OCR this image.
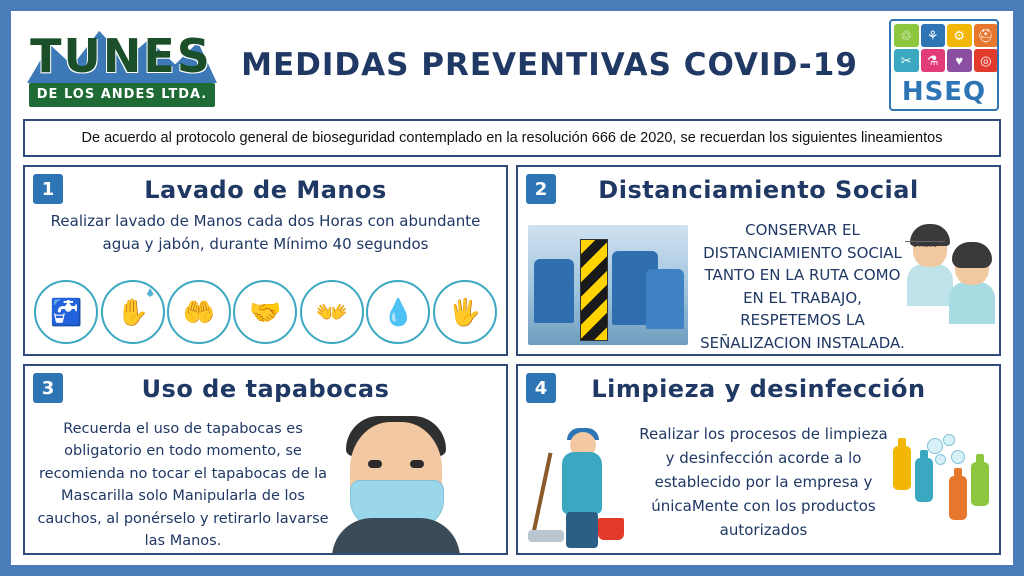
TUNES
DE LOS ANDES LTDA.
MEDIDAS PREVENTIVAS COVID-19
♲	⚘	⚙ ⛑
✂	⚗	♥	◎
HSEQ
De acuerdo al protocolo general de bioseguridad contemplado en la resolución 666 de 2020, se recuerdan los siguientes lineamientos
1	Lavado de Manos
Realizar lavado de Manos cada dos Horas con abundante agua y jabón, durante Mínimo 40 segundos
🚰 ✋ 🤲 🤝 👐 💧 🖐
2	Distanciamiento Social
CONSERVAR EL DISTANCIAMIENTO SOCIAL TANTO EN LA RUTA COMO EN EL TRABAJO, RESPETEMOS LA SEÑALIZACION INSTALADA.
1 metro
3	Uso de tapabocas
Recuerda el uso de tapabocas es obligatorio en todo momento, se recomienda no tocar el tapabocas de la Mascarilla solo Manipularla de los cauchos, al ponérselo y retirarlo lavarse las Manos.
4	Limpieza y desinfección
Realizar los procesos de limpieza y desinfección acorde a lo establecido por la empresa y únicaMente con los productos autorizados
